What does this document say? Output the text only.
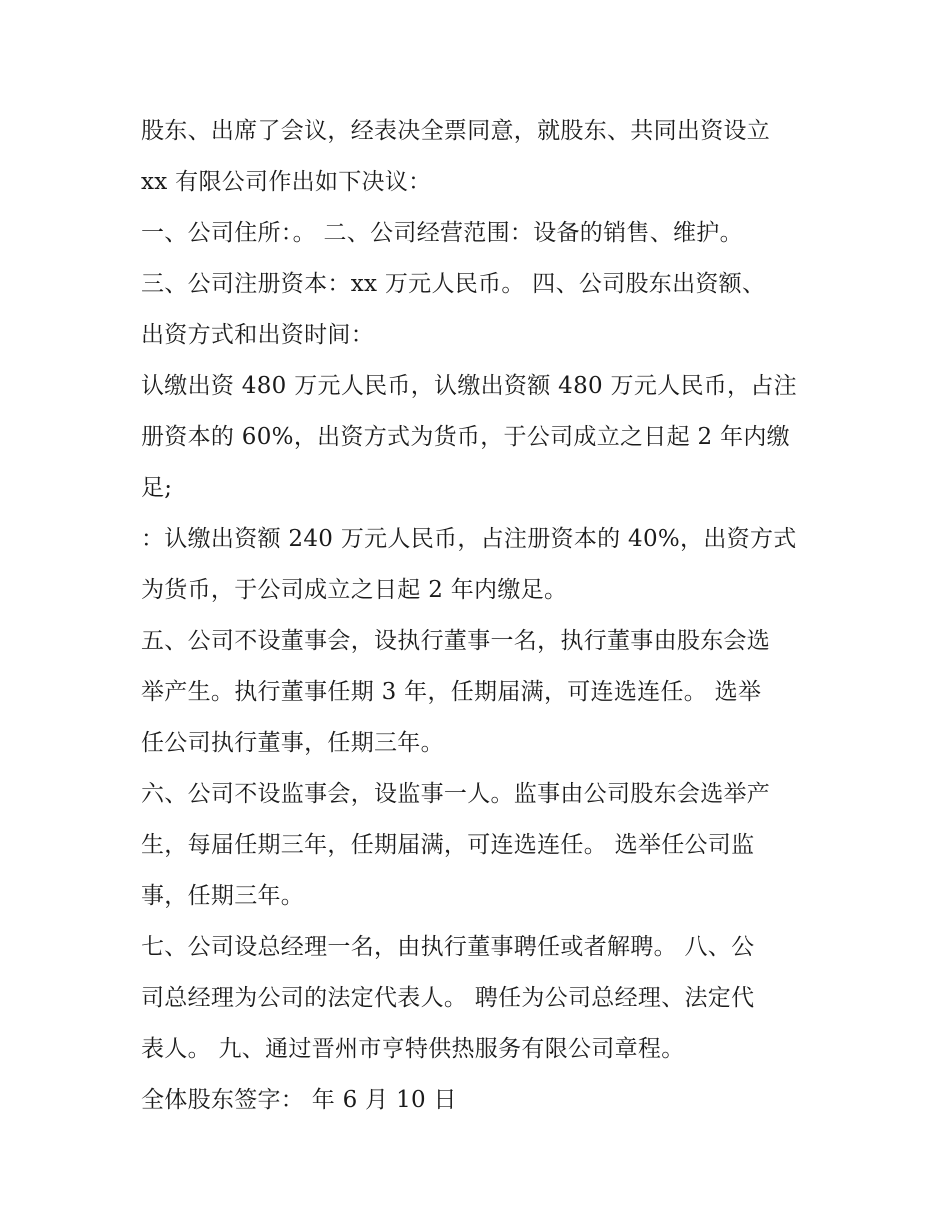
股东、出席了会议，经表决全票同意，就股东、共同出资设立
xx 有限公司作出如下决议：
一、公司住所：。 二、公司经营范围：设备的销售、维护。
三、公司注册资本：xx 万元人民币。 四、公司股东出资额、
出资方式和出资时间：
认缴出资 480 万元人民币，认缴出资额 480 万元人民币，占注
册资本的 60%，出资方式为货币，于公司成立之日起 2 年内缴
足;
：认缴出资额 240 万元人民币，占注册资本的 40%，出资方式
为货币，于公司成立之日起 2 年内缴足。
五、公司不设董事会，设执行董事一名，执行董事由股东会选
举产生。执行董事任期 3 年，任期届满，可连选连任。 选举
任公司执行董事，任期三年。
六、公司不设监事会，设监事一人。监事由公司股东会选举产
生，每届任期三年，任期届满，可连选连任。 选举任公司监
事，任期三年。
七、公司设总经理一名，由执行董事聘任或者解聘。 八、公
司总经理为公司的法定代表人。 聘任为公司总经理、法定代
表人。 九、通过晋州市亨特供热服务有限公司章程。
全体股东签字： 年 6 月 10 日
